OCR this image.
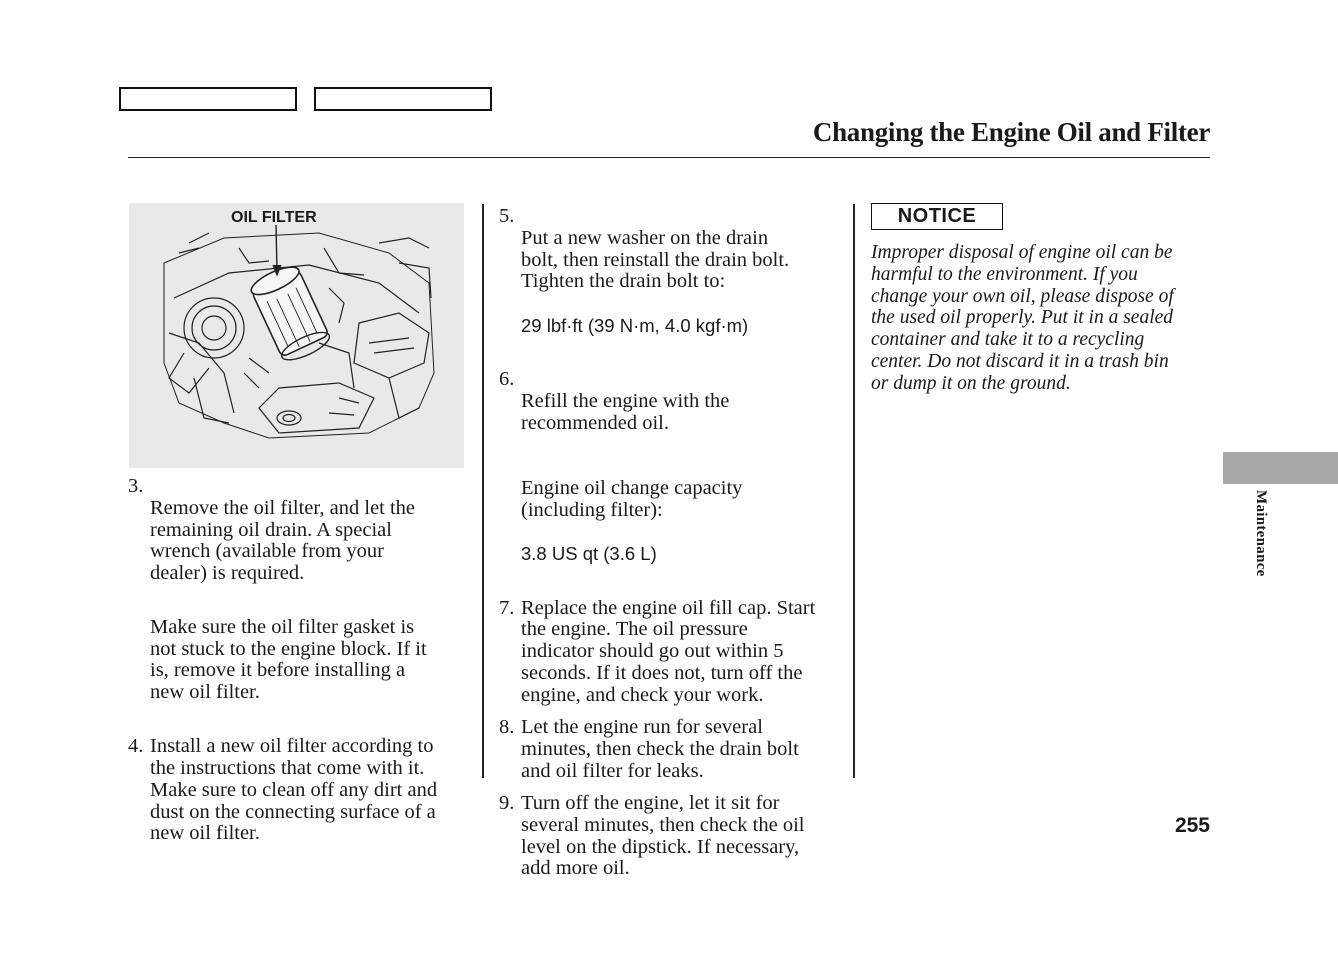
Changing the Engine Oil and Filter
OIL FILTER
3.

Remove the oil filter, and let the
remaining oil drain. A special
wrench (available from your
dealer) is required.

Make sure the oil filter gasket is
not stuck to the engine block. If it
is, remove it before installing a
new oil filter.

4. Install a new oil filter according to
the instructions that come with it.
Make sure to clean off any dirt and
dust on the connecting surface of a
new oil filter.
5.

Put a new washer on the drain
bolt, then reinstall the drain bolt.
Tighten the drain bolt to:

29 lbf·ft (39 N·m, 4.0 kgf·m)

6.

Refill the engine with the
recommended oil.

Engine oil change capacity
(including filter):

3.8 US qt (3.6 L)

7. Replace the engine oil fill cap. Start
the engine. The oil pressure
indicator should go out within 5
seconds. If it does not, turn off the
engine, and check your work.
8. Let the engine run for several
minutes, then check the drain bolt
and oil filter for leaks.
9. Turn off the engine, let it sit for
several minutes, then check the oil
level on the dipstick. If necessary,
add more oil.
NOTICE
Improper disposal of engine oil can be
harmful to the environment. If you
change your own oil, please dispose of
the used oil properly. Put it in a sealed
container and take it to a recycling
center. Do not discard it in a trash bin
or dump it on the ground.
Maintenance
255
